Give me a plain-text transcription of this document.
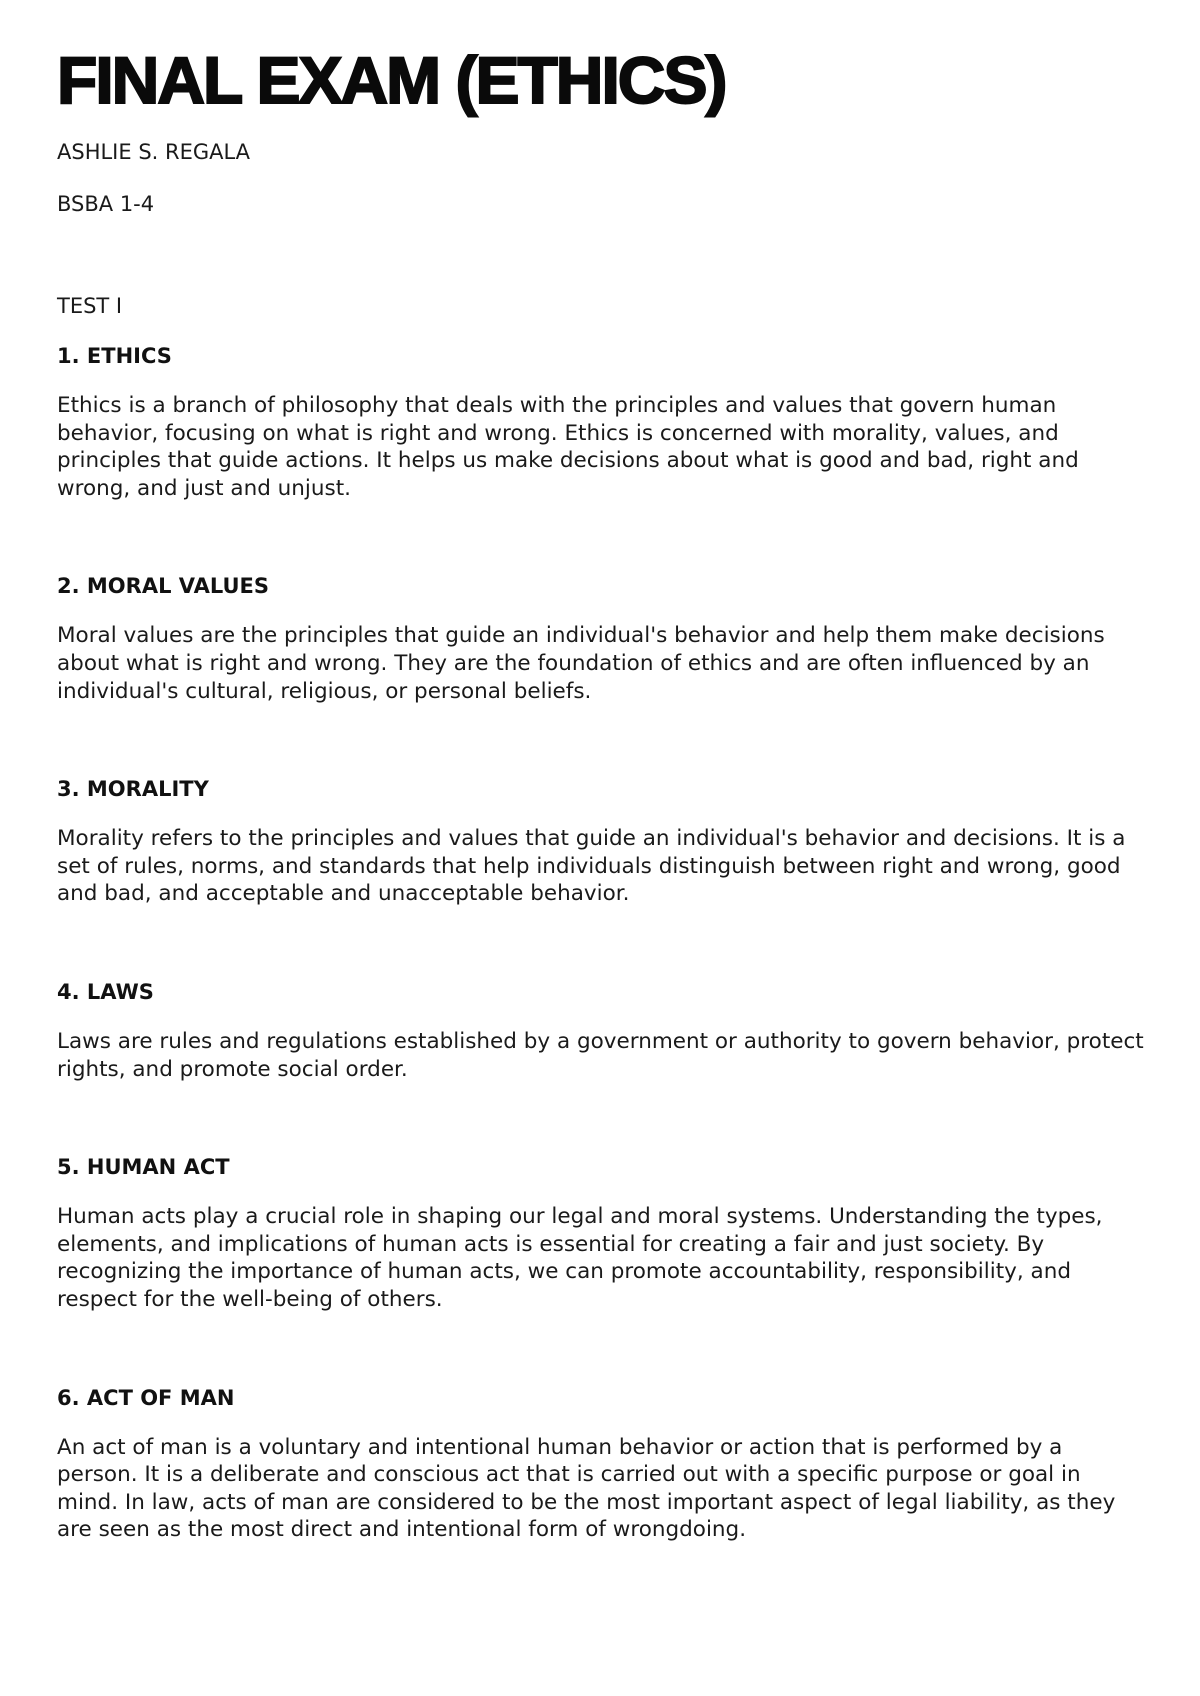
FINAL EXAM (ETHICS)

ASHLIE S. REGALA

BSBA 1-4

TEST I

1. ETHICS

Ethics is a branch of philosophy that deals with the principles and values that govern human behavior, focusing on what is right and wrong. Ethics is concerned with morality, values, and principles that guide actions. It helps us make decisions about what is good and bad, right and wrong, and just and unjust.

2. MORAL VALUES

Moral values are the principles that guide an individual's behavior and help them make decisions about what is right and wrong. They are the foundation of ethics and are often influenced by an individual's cultural, religious, or personal beliefs.

3. MORALITY

Morality refers to the principles and values that guide an individual's behavior and decisions. It is a set of rules, norms, and standards that help individuals distinguish between right and wrong, good and bad, and acceptable and unacceptable behavior.

4. LAWS

Laws are rules and regulations established by a government or authority to govern behavior, protect rights, and promote social order.

5. HUMAN ACT

Human acts play a crucial role in shaping our legal and moral systems. Understanding the types, elements, and implications of human acts is essential for creating a fair and just society. By recognizing the importance of human acts, we can promote accountability, responsibility, and respect for the well-being of others.

6. ACT OF MAN

An act of man is a voluntary and intentional human behavior or action that is performed by a person. It is a deliberate and conscious act that is carried out with a specific purpose or goal in mind. In law, acts of man are considered to be the most important aspect of legal liability, as they are seen as the most direct and intentional form of wrongdoing.
